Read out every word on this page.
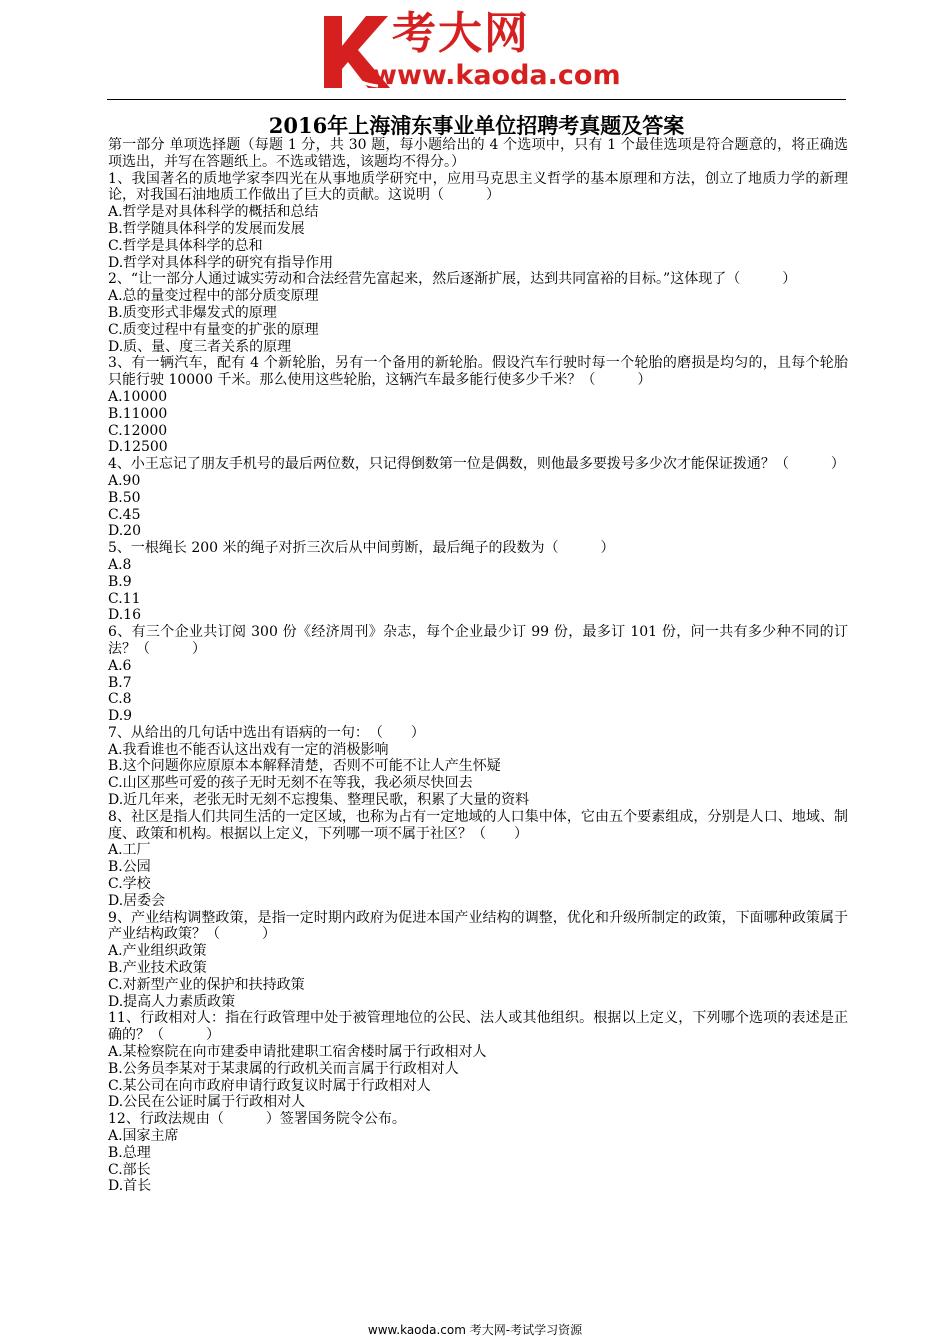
考大网
www.kaoda.com
2016年上海浦东事业单位招聘考真题及答案

第一部分 单项选择题（每题 1 分，共 30 题，每小题给出的 4 个选项中，只有 1 个最佳选项是符合题意的，将正确选项选出，并写在答题纸上。不选或错选，该题均不得分。）

1、我国著名的质地学家李四光在从事地质学研究中，应用马克思主义哲学的基本原理和方法，创立了地质力学的新理论，对我国石油地质工作做出了巨大的贡献。这说明（　　　）

A.哲学是对具体科学的概括和总结

B.哲学随具体科学的发展而发展

C.哲学是具体科学的总和

D.哲学对具体科学的研究有指导作用

2、“让一部分人通过诚实劳动和合法经营先富起来，然后逐渐扩展，达到共同富裕的目标。”这体现了（　　　）

A.总的量变过程中的部分质变原理

B.质变形式非爆发式的原理

C.质变过程中有量变的扩张的原理

D.质、量、度三者关系的原理

3、有一辆汽车，配有 4 个新轮胎，另有一个备用的新轮胎。假设汽车行驶时每一个轮胎的磨损是均匀的，且每个轮胎只能行驶 10000 千米。那么使用这些轮胎，这辆汽车最多能行使多少千米？（　　　）

A.10000

B.11000

C.12000

D.12500

4、小王忘记了朋友手机号的最后两位数，只记得倒数第一位是偶数，则他最多要拨号多少次才能保证拨通？（　　　）

A.90

B.50

C.45

D.20

5、一根绳长 200 米的绳子对折三次后从中间剪断，最后绳子的段数为（　　　）

A.8

B.9

C.11

D.16

6、有三个企业共订阅 300 份《经济周刊》杂志，每个企业最少订 99 份，最多订 101 份，问一共有多少种不同的订法？（　　　）

A.6

B.7

C.8

D.9

7、从给出的几句话中选出有语病的一句：　（　　）

A.我看谁也不能否认这出戏有一定的消极影响

B.这个问题你应原原本本解释清楚，否则不可能不让人产生怀疑

C.山区那些可爱的孩子无时无刻不在等我，我必须尽快回去

D.近几年来，老张无时无刻不忘搜集、整理民歌，积累了大量的资料

8、社区是指人们共同生活的一定区域，也称为占有一定地域的人口集中体，它由五个要素组成，分别是人口、地域、制度、政策和机构。根据以上定义，下列哪一项不属于社区？（　　）

A.工厂

B.公园

C.学校

D.居委会

9、产业结构调整政策，是指一定时期内政府为促进本国产业结构的调整，优化和升级所制定的政策，下面哪种政策属于产业结构政策？（　　　）

A.产业组织政策

B.产业技术政策

C.对新型产业的保护和扶持政策

D.提高人力素质政策

11、行政相对人：指在行政管理中处于被管理地位的公民、法人或其他组织。根据以上定义，下列哪个选项的表述是正确的？（　　　）

A.某检察院在向市建委申请批建职工宿舍楼时属于行政相对人

B.公务员李某对于某隶属的行政机关而言属于行政相对人

C.某公司在向市政府申请行政复议时属于行政相对人

D.公民在公证时属于行政相对人

12、行政法规由（　　　）签署国务院令公布。

A.国家主席

B.总理

C.部长

D.首长

www.kaoda.com 考大网-考试学习资源
